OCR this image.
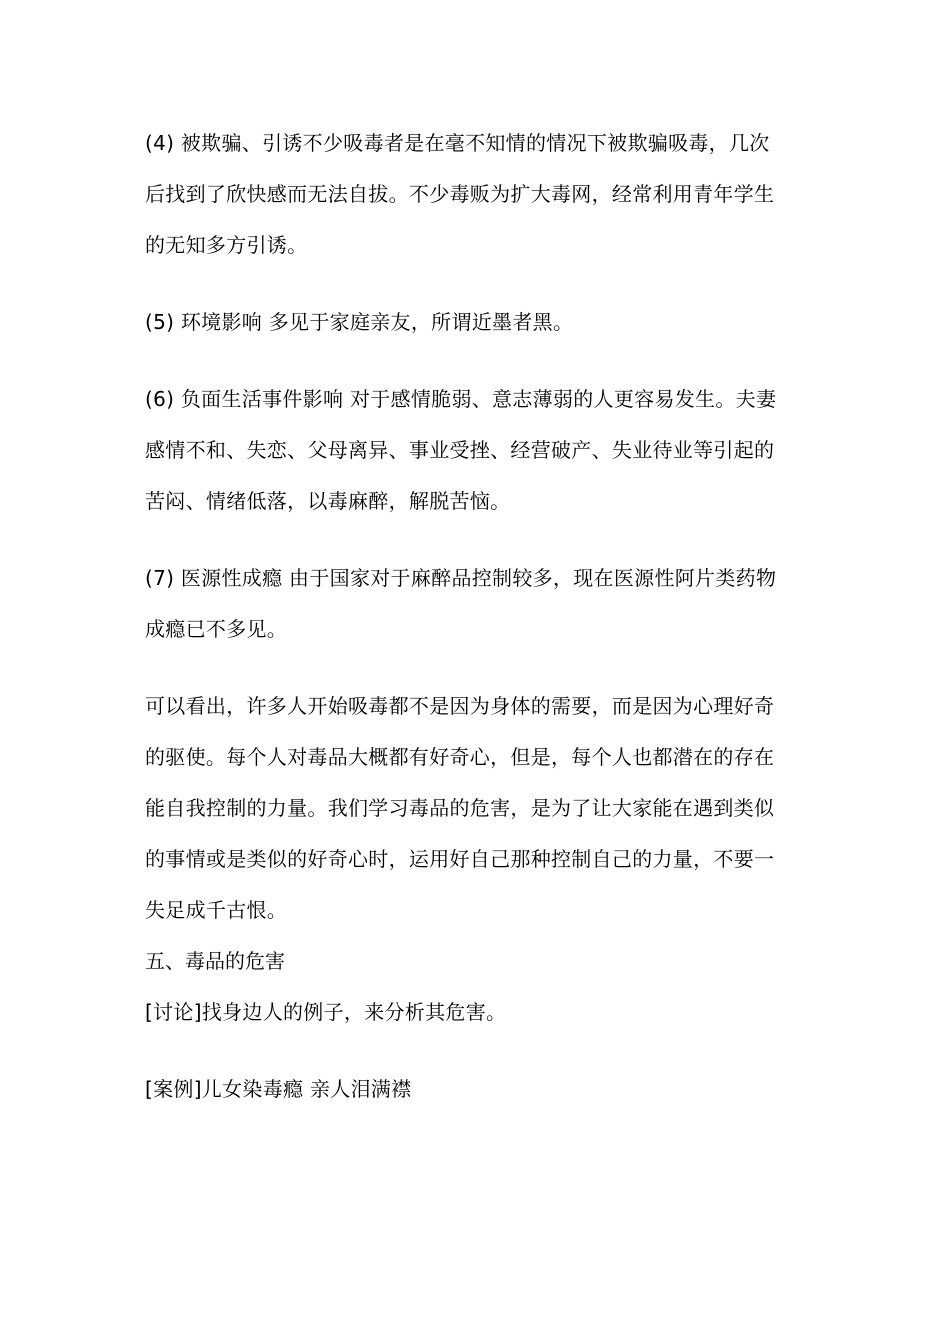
(4) 被欺骗、引诱不少吸毒者是在毫不知情的情况下被欺骗吸毒，几次
后找到了欣快感而无法自拔。不少毒贩为扩大毒网，经常利用青年学生
的无知多方引诱。

(5) 环境影响 多见于家庭亲友，所谓近墨者黑。

(6) 负面生活事件影响 对于感情脆弱、意志薄弱的人更容易发生。夫妻
感情不和、失恋、父母离异、事业受挫、经营破产、失业待业等引起的
苦闷、情绪低落，以毒麻醉，解脱苦恼。

(7) 医源性成瘾 由于国家对于麻醉品控制较多，现在医源性阿片类药物
成瘾已不多见。

可以看出，许多人开始吸毒都不是因为身体的需要，而是因为心理好奇
的驱使。每个人对毒品大概都有好奇心，但是，每个人也都潜在的存在
能自我控制的力量。我们学习毒品的危害，是为了让大家能在遇到类似
的事情或是类似的好奇心时，运用好自己那种控制自己的力量，不要一
失足成千古恨。

五、毒品的危害

[讨论]找身边人的例子，来分析其危害。

[案例]儿女染毒瘾 亲人泪满襟
